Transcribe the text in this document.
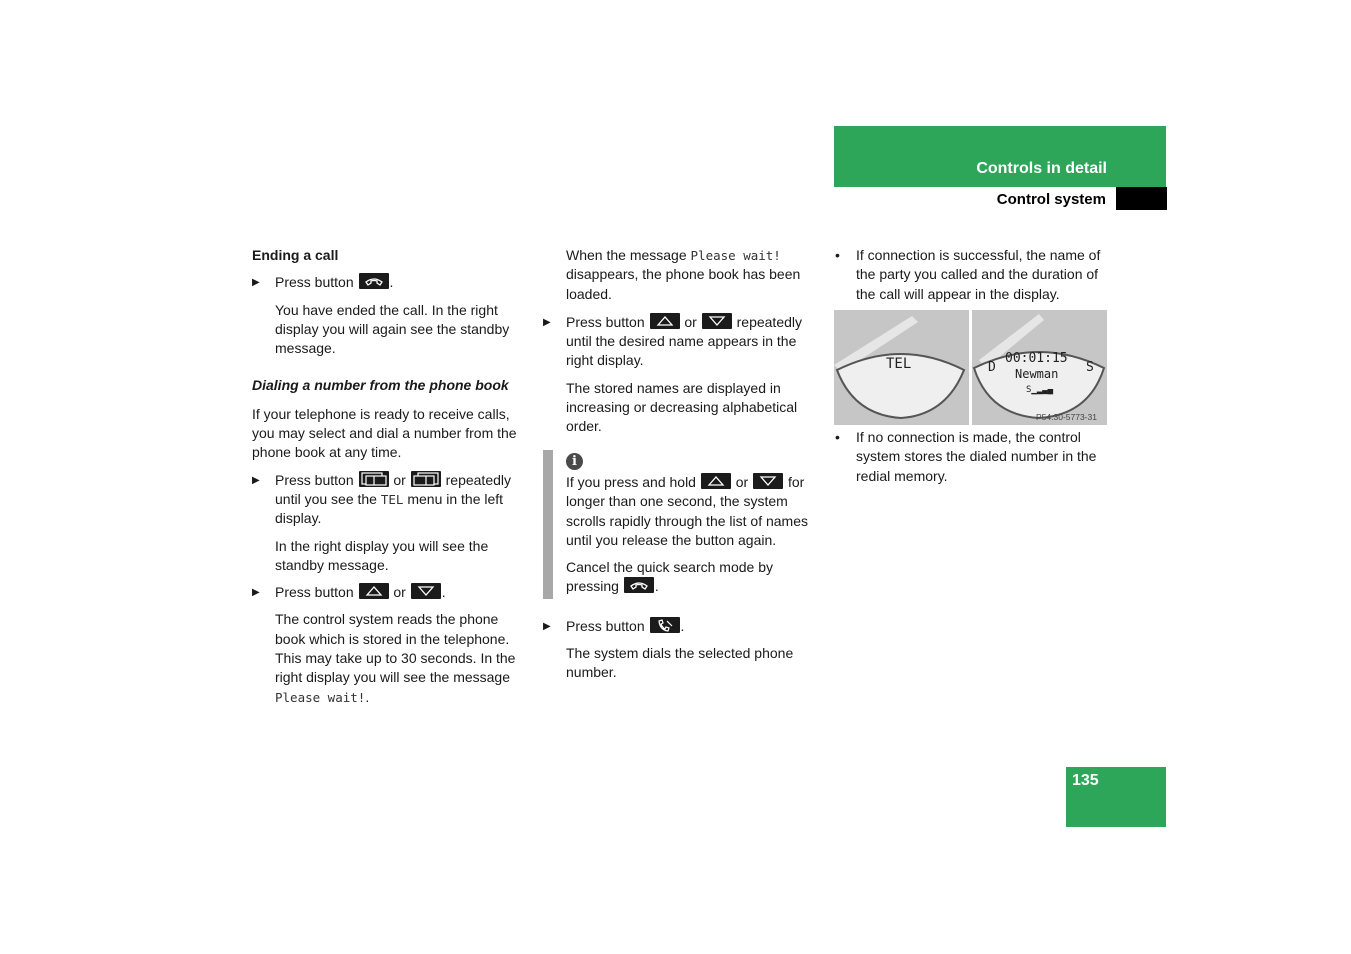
Controls in detail
Control system

Ending a call

▶ Press button	.

You have ended the call. In the right display you will again see the standby message.

Dialing a number from the phone book

If your telephone is ready to receive calls, you may select and dial a number from the phone book at any time.

▶ Press button	or	repeatedly until you see the TEL menu in the left display.

In the right display you will see the standby message.

▶ Press button	or	.

The control system reads the phone book which is stored in the telephone. This may take up to 30 seconds. In the right display you will see the message Please wait!.

When the message Please wait! disappears, the phone book has been loaded.

▶ Press button	or	repeatedly until the desired name appears in the right display.

The stored names are displayed in increasing or decreasing alphabetical order.

i

If you press and hold	or	for longer than one second, the system scrolls rapidly through the list of names until you release the button again.

Cancel the quick search mode by pressing	.

▶ Press button	.

The system dials the selected phone number.

• If connection is successful, the name of the party you called and the duration of the call will appear in the display.
TEL	D
00:01:15
S
Newman
S▁▂▃▄
P54.30-5773-31
• If no connection is made, the control system stores the dialed number in the redial memory.
135
